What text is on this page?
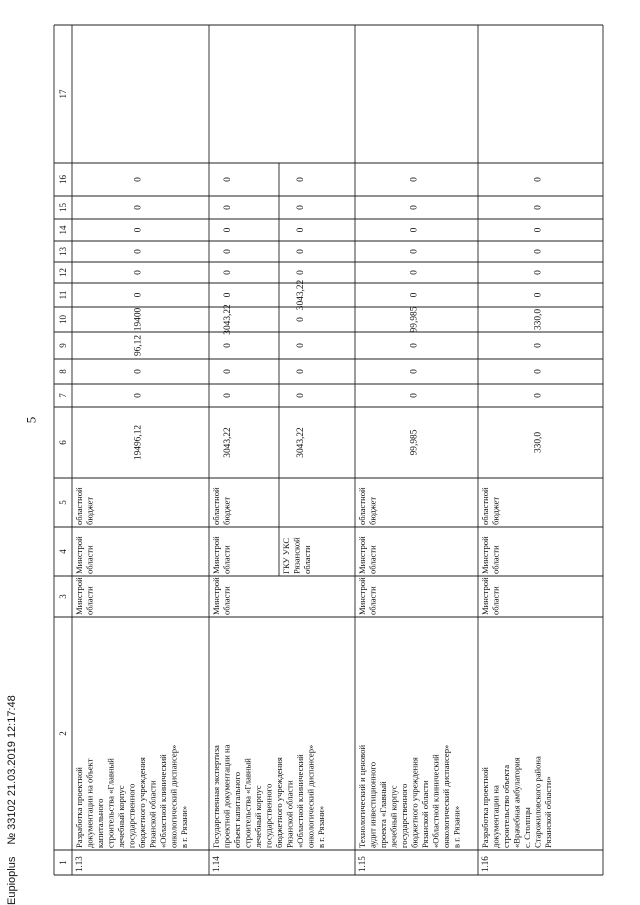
5
1
2
3
4
5
6
7
8
9
10
11
12
13
14
15
16
17
1.13
Разработка проектной документации на объект капитального строительства «Главный лечебный корпус государственного бюджетного учреждения Рязанской области «Областной клинический онкологический диспансер» в г. Рязани»
Минстрой области
Минстрой области
областной бюджет
19496,12
0
0
96,12
19400
0
0
0
0
0
0
1.14
Государственная экспертиза проектной документации на объект капитального строительства «Главный лечебный корпус государственного бюджетного учреждения Рязанской области «Областной клинический онкологический диспансер» в г. Рязани»
Минстрой области
Минстрой области
областной бюджет
3043,22
0
0
0
3043,22
0
0
0
0
0
0
ГКУ УКС Рязанской области
3043,22
0
0
0
0
3043,22
0
0
0
0
0
1.15
Технологический и ценовой аудит инвестиционного проекта «Главный лечебный корпус государственного бюджетного учреждения Рязанской области «Областной клинический онкологический диспансер» в г. Рязани»
Минстрой области
Минстрой области
областной бюджет
99,985
0
0
0
99,985
0
0
0
0
0
0
1.16
Разработка проектной документации на строительство объекта «Врачебная амбулатория с. Столпцы Старожиловского района Рязанской области»
Минстрой области
Минстрой области
областной бюджет
330,0
0
0
0
330,0
0
0
0
0
0
0
Eupioplus № 33102 21.03.2019 12:17:48
